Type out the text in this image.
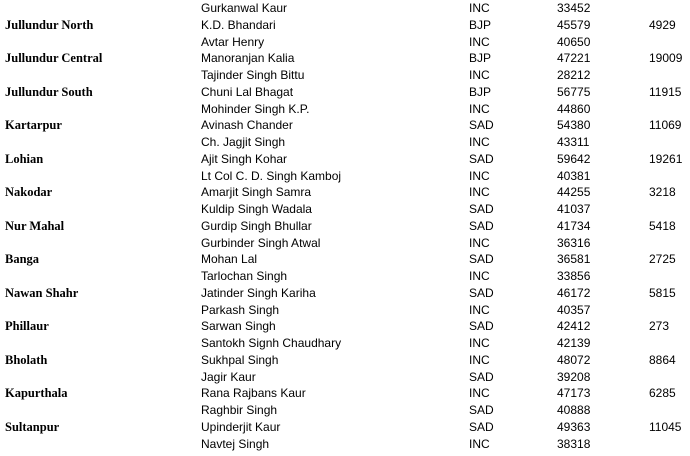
Gurkanwal Kaur	INC	33452
Jullundur North	K.D. Bhandari	BJP	45579	4929
Avtar Henry	INC	40650
Jullundur Central	Manoranjan Kalia	BJP	47221	19009
Tajinder Singh Bittu	INC	28212
Jullundur South	Chuni Lal Bhagat	BJP	56775	11915
Mohinder Singh K.P.	INC	44860
Kartarpur	Avinash Chander	SAD	54380	11069
Ch. Jagjit Singh	INC	43311
Lohian	Ajit Singh Kohar	SAD	59642	19261
Lt Col C. D. Singh Kamboj	INC	40381
Nakodar	Amarjit Singh Samra	INC	44255	3218
Kuldip Singh Wadala	SAD	41037
Nur Mahal	Gurdip Singh Bhullar	SAD	41734	5418
Gurbinder Singh Atwal	INC	36316
Banga	Mohan Lal	SAD	36581	2725
Tarlochan Singh	INC	33856
Nawan Shahr	Jatinder Singh Kariha	SAD	46172	5815
Parkash Singh	INC	40357
Phillaur	Sarwan Singh	SAD	42412	273
Santokh Signh Chaudhary	INC	42139
Bholath	Sukhpal Singh	INC	48072	8864
Jagir Kaur	SAD	39208
Kapurthala	Rana Rajbans Kaur	INC	47173	6285
Raghbir Singh	SAD	40888
Sultanpur	Upinderjit Kaur	SAD	49363	11045
Navtej Singh	INC	38318
